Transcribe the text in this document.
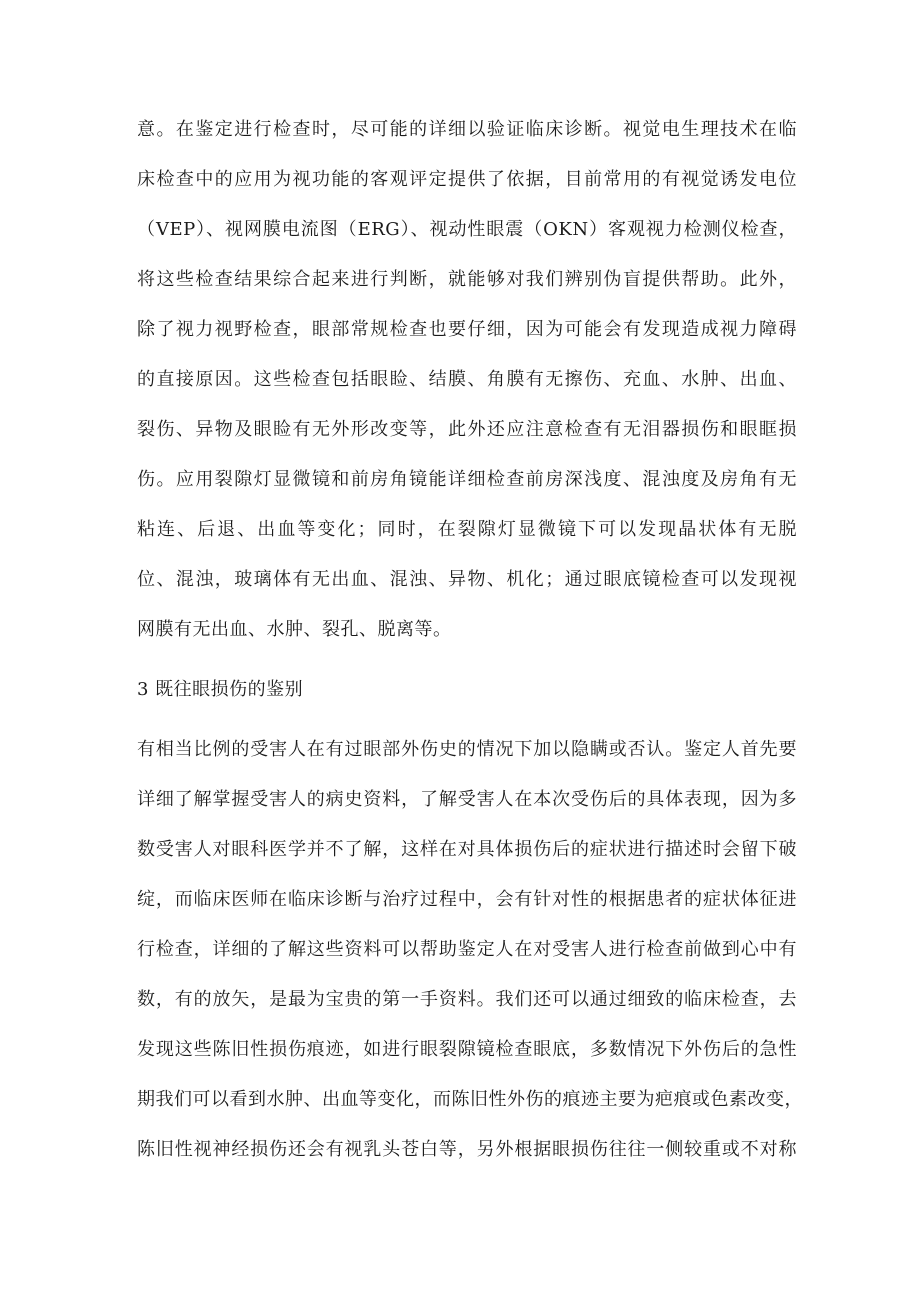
意。在鉴定进行检查时，尽可能的详细以验证临床诊断。视觉电生理技术在临
床检查中的应用为视功能的客观评定提供了依据，目前常用的有视觉诱发电位
（VEP）、视网膜电流图（ERG）、视动性眼震（OKN）客观视力检测仪检查，
将这些检查结果综合起来进行判断，就能够对我们辨别伪盲提供帮助。此外，
除了视力视野检查，眼部常规检查也要仔细，因为可能会有发现造成视力障碍
的直接原因。这些检查包括眼睑、结膜、角膜有无擦伤、充血、水肿、出血、
裂伤、异物及眼睑有无外形改变等，此外还应注意检查有无泪器损伤和眼眶损
伤。应用裂隙灯显微镜和前房角镜能详细检查前房深浅度、混浊度及房角有无
粘连、后退、出血等变化；同时，在裂隙灯显微镜下可以发现晶状体有无脱
位、混浊，玻璃体有无出血、混浊、异物、机化；通过眼底镜检查可以发现视
网膜有无出血、水肿、裂孔、脱离等。
3 既往眼损伤的鉴别
有相当比例的受害人在有过眼部外伤史的情况下加以隐瞒或否认。鉴定人首先要
详细了解掌握受害人的病史资料，了解受害人在本次受伤后的具体表现，因为多
数受害人对眼科医学并不了解，这样在对具体损伤后的症状进行描述时会留下破
绽，而临床医师在临床诊断与治疗过程中，会有针对性的根据患者的症状体征进
行检查，详细的了解这些资料可以帮助鉴定人在对受害人进行检查前做到心中有
数，有的放矢，是最为宝贵的第一手资料。我们还可以通过细致的临床检查，去
发现这些陈旧性损伤痕迹，如进行眼裂隙镜检查眼底，多数情况下外伤后的急性
期我们可以看到水肿、出血等变化，而陈旧性外伤的痕迹主要为疤痕或色素改变，
陈旧性视神经损伤还会有视乳头苍白等，另外根据眼损伤往往一侧较重或不对称
